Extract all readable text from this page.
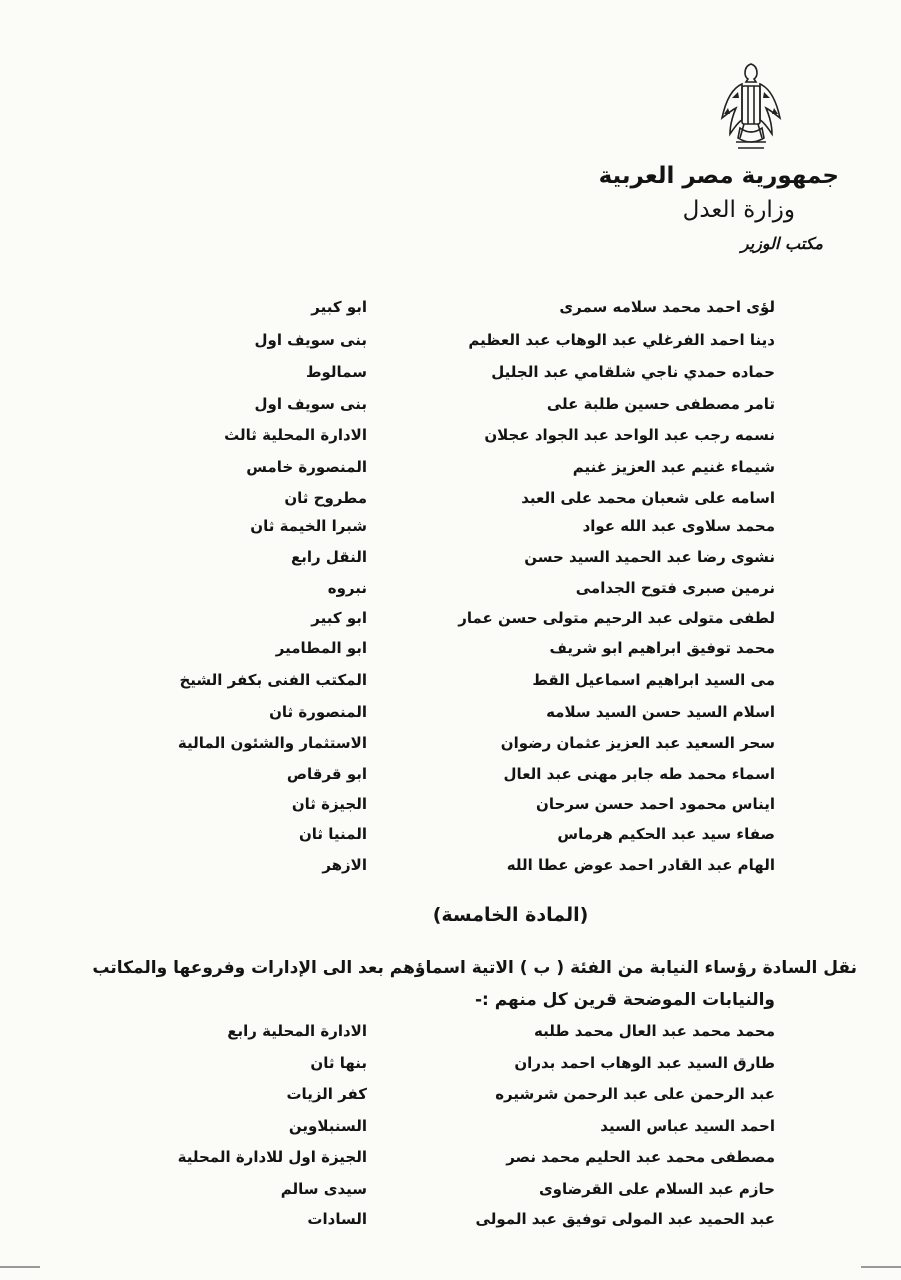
جمهورية مصر العربية
وزارة العدل
مكتب الوزير
لؤى احمد محمد سلامه سمرى
ابو كبير
دينا احمد الفرغلي عبد الوهاب عبد العظيم
بنى سويف اول
حماده حمدي ناجي شلقامي عبد الجليل
سمالوط
تامر مصطفى حسين طلبة على
بنى سويف اول
نسمه رجب عبد الواحد عبد الجواد عجلان
الادارة المحلية ثالث
شيماء غنيم عبد العزيز غنيم
المنصورة خامس
اسامه على شعبان محمد على العبد
مطروح ثان
محمد سلاوى عبد الله عواد
شبرا الخيمة ثان
نشوى رضا عبد الحميد السيد حسن
النقل رابع
نرمين صبرى فتوح الجدامى
نبروه
لطفى متولى عبد الرحيم متولى حسن عمار
ابو كبير
محمد توفيق ابراهيم ابو شريف
ابو المطامير
مى السيد ابراهيم اسماعيل القط
المكتب الفنى بكفر الشيخ
اسلام السيد حسن السيد سلامه
المنصورة ثان
سحر السعيد عبد العزيز عثمان رضوان
الاستثمار والشئون المالية
اسماء محمد طه جابر مهنى عبد العال
ابو قرقاص
ايناس محمود احمد حسن سرحان
الجيزة ثان
صفاء سيد عبد الحكيم هرماس
المنيا ثان
الهام عبد القادر احمد عوض عطا الله
الازهر
(المادة الخامسة)
نقل السادة رؤساء النيابة من الفئة ( ب ) الاتية اسماؤهم بعد الى الإدارات وفروعها والمكاتب
والنيابات الموضحة قرين كل منهم :-
محمد محمد عبد العال محمد طلبه
الادارة المحلية رابع
طارق السيد عبد الوهاب احمد بدران
بنها ثان
عبد الرحمن على عبد الرحمن شرشيره
كفر الزيات
احمد السيد عباس السيد
السنبلاوين
مصطفى محمد عبد الحليم محمد نصر
الجيزة اول للادارة المحلية
حازم عبد السلام على القرضاوى
سيدى سالم
عبد الحميد عبد المولى توفيق عبد المولى
السادات
